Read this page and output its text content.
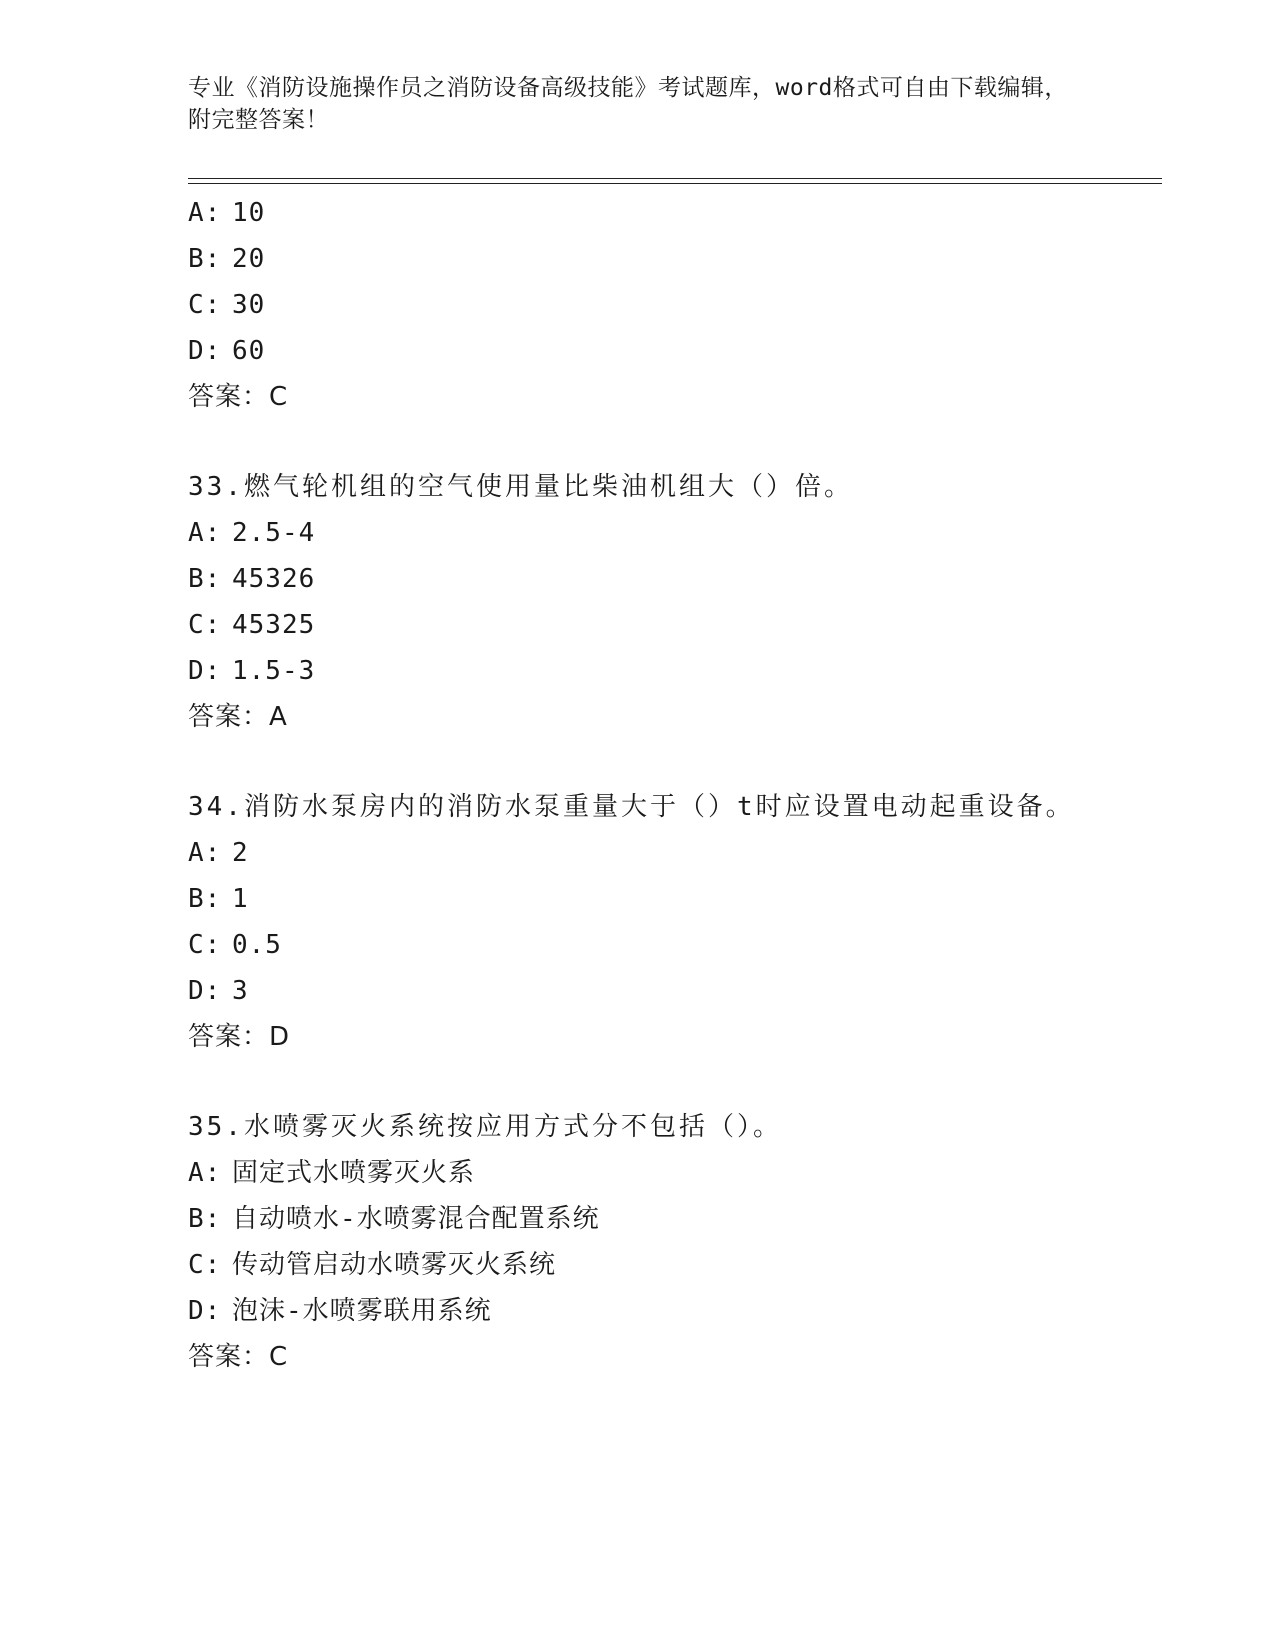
专业《消防设施操作员之消防设备高级技能》考试题库，word格式可自由下载编辑，附完整答案！
A: 10
B: 20
C: 30
D: 60
答案：C
33.燃气轮机组的空气使用量比柴油机组大（）倍。
A: 2.5-4
B: 45326
C: 45325
D: 1.5-3
答案：A
34.消防水泵房内的消防水泵重量大于（）t时应设置电动起重设备。
A: 2
B: 1
C: 0.5
D: 3
答案：D
35.水喷雾灭火系统按应用方式分不包括（）。
A: 固定式水喷雾灭火系
B: 自动喷水-水喷雾混合配置系统
C: 传动管启动水喷雾灭火系统
D: 泡沫-水喷雾联用系统
答案：C
